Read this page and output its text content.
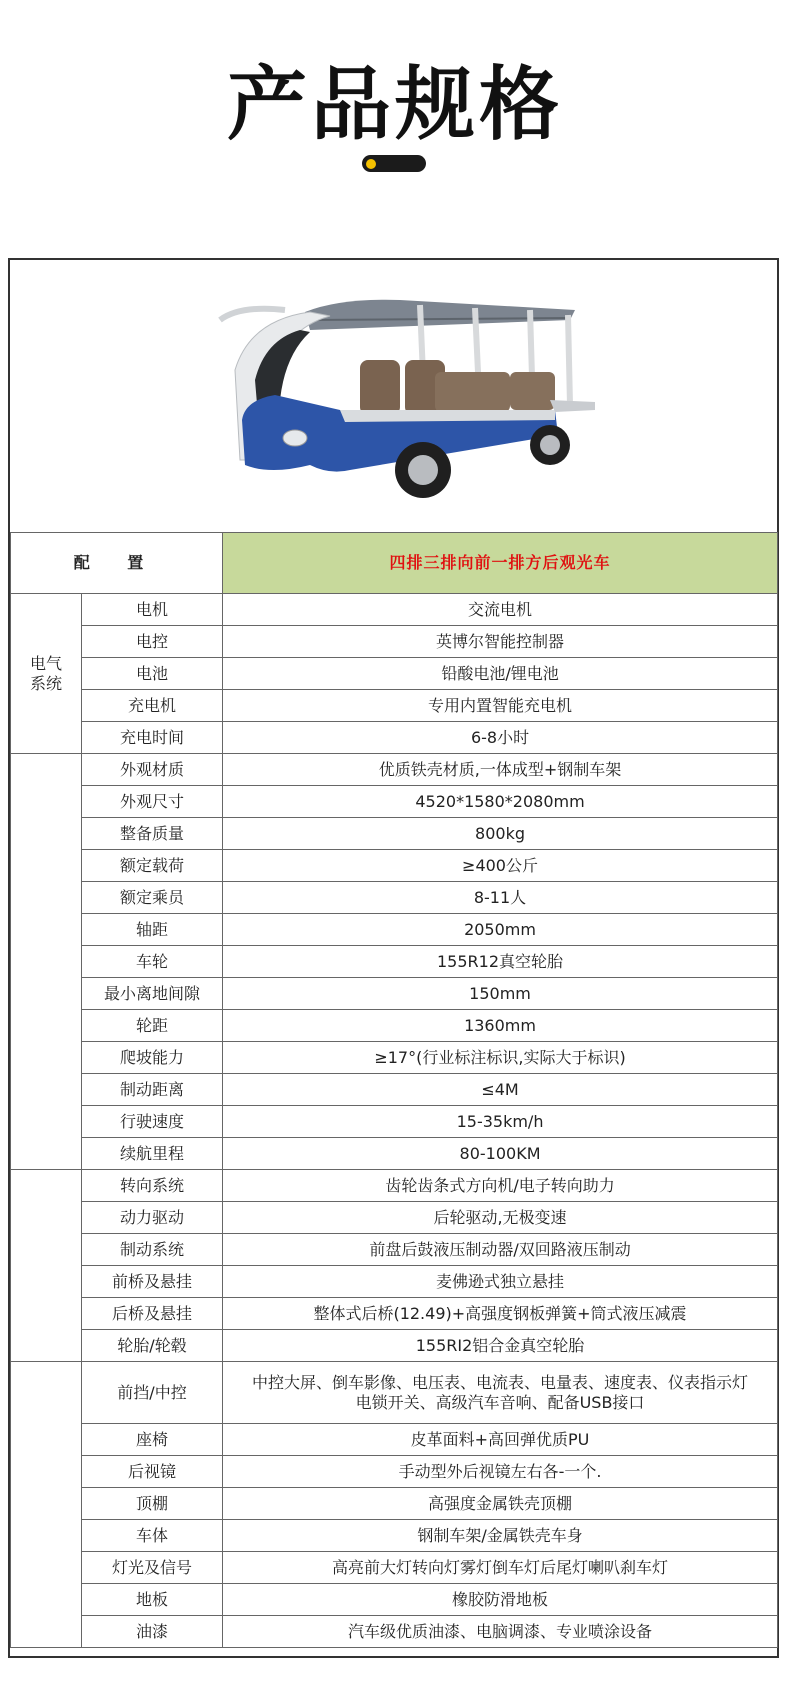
产品规格
配 置		四排三排向前一排方后观光车
电气
系统	电机	交流电机
	电控	英博尔智能控制器
	电池	铅酸电池/锂电池
	充电机	专用内置智能充电机
	充电时间	6-8小时
	外观材质	优质铁壳材质,一体成型+钢制车架
	外观尺寸	4520*1580*2080mm
	整备质量	800kg
	额定载荷	≥400公斤
	额定乘员	8-11人
	轴距	2050mm
	车轮	155R12真空轮胎
	最小离地间隙	150mm
	轮距	1360mm
	爬坡能力	≥17°(行业标注标识,实际大于标识)
	制动距离	≤4M
	行驶速度	15-35km/h
	续航里程	80-100KM
	转向系统	齿轮齿条式方向机/电子转向助力
	动力驱动	后轮驱动,无极变速
	制动系统	前盘后鼓液压制动器/双回路液压制动
	前桥及悬挂	麦佛逊式独立悬挂
	后桥及悬挂	整体式后桥(12.49)+高强度钢板弹簧+筒式液压减震
	轮胎/轮毂	155RI2铝合金真空轮胎
	前挡/中控	中控大屏、倒车影像、电压表、电流表、电量表、速度表、仪表指示灯
电锁开关、高级汽车音响、配备USB接口
	座椅	皮革面料+高回弹优质PU
	后视镜	手动型外后视镜左右各-一个.
	顶棚	高强度金属铁壳顶棚
	车体	钢制车架/金属铁壳车身
	灯光及信号	高亮前大灯转向灯雾灯倒车灯后尾灯喇叭刹车灯
	地板	橡胶防滑地板
	油漆	汽车级优质油漆、电脑调漆、专业喷涂设备
